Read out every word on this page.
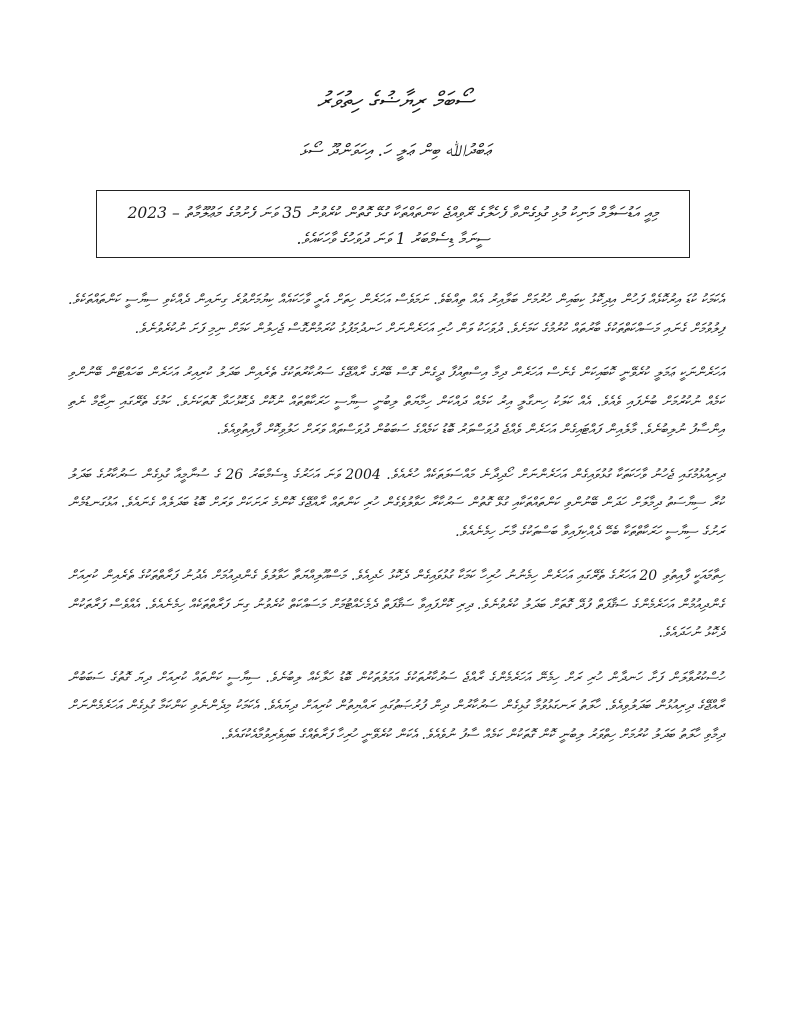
ސޯބަމް ރިޔާޟުގެ ހިތުވަރު
ޢަބްދުﷲ ބިން ޢަލީ ހަ. އިހަވަންދޫ ސޯޅަ
މިއީ އަޑުސަލާމް މަނިކު މުޅި ގުޅިގެންވާ ފެހެލާގެ ރޭވިއްޖެ ކަންތައްތަކާ ގުޅޭ ގޮތުން ކުރެވުނު 35 ވަނަ ފެށުމުގެ މަޢުލޫމާތު – 2023 ސީނަމާ ޑިސެމްބަރު 1 ވަނަ ދުވަހުގެ ވާހަކައެވެ.

އެކަމަކު ކުޑަ އިރުކޮޅެއް ފަހުން އިދިކޮޅު ކިބައިން ހުރުމަށް ބަލާއިރު އެއް ތިއްބެވެ. ނަމަވެސް އަހަރެން ހިތަށް އެރީ ވާހަކައެއް ކިޔުމަށްވުރެ ގިނައިން ދެއްކެވި ސިޔާސީ ކަންތައްތަކެވެ. ފިލުވުމަށް ގެނައި މަސައްކަތްތަކުގެ ބާރުތައް ކުރުމުގެ ކަމަށެވެ. ދުވަހަކު ވަން ހުރި އަހަރެންނަށް ހަނދުމަފުޅު ކުރަމުންގޮސް ޖެހިލުން ކަމަށް ނިމި ފަށަ ނުކުރެވުނެވެ.

އަހަރެންނަކީ ޢަމަލީ ކުރެވޭނީ ކޮބައިކަން ގެނެސް އަހަރެން ދިމާ އިސްތިއުފާ ދީގެން ގޮސް ބޭރުގެ ރާއްޖޭގެ ސަރުކާރުތަކުގެ ތެރެއިން ބަދަލު ކުރިއިރު އަހަރެން ބަހައްޓަން ބޭނުންވި ކަމެއް ނުކުރުމަށް ބުނެފައި ވެއެވެ. އެއް ކަލަކު ހިނގާލީ އިރު ކަމެއް ދައްކަން ހިމާޔަތް ލިބުނީ ސިޔާސީ ހަރަކާތްތައް ނުކޮށް ދެކޮޅުހަދާ ގޮތަކަށެވެ. ކަމުގެ ތެރޭގައި ނިޒާމް ނެތި އިންސާފު ނުލިބުނެވެ. މާލެއިން ފައްޓައިގެން އަހަރެން ވެއްޖެ ދުވަސްވަރު ބޮޑު ކަމެއްގެ ސަބަބުން ދުވަސްތައް ވަރަށް ހަލުވިކޮށް ފާއިތުވިއެވެ.

ދިރިއުޅުމުގައި ޖެހުނު ވާހަކަތަކާ ގުޅުވައިގެން އަހަރެންނަށް ހޯދިދާނެ މައްސަލަތަކެއް ހުރެއެވެ. 2004 ވަނަ އަހަރުގެ ޑިސެމްބަރު 26 ގެ ސުނާމީއާ ގުޅިގެން ސަރުކާރުގެ ބަދަލު ކުރާ ސިޔާސަތު ދިމާލަށް ހަދަން ބޭނުންވި ކަންތައްތަކާއި ގުޅޭ ގޮތުން ސަރުކާރާ ހަވާލުވެގެން ހުރި ކަންތައް ރާއްޖޭގެ ކޮންމެ ރަށަކަށް ވަރަށް ބޮޑު ބަދަލެއް ގެނައެވެ. އަޅުގަނޑުމެން ރަށުގެ ސިޔާސީ ހަރަކާތްތަކާ ބެހޭ ދެއްކިފައިވާ ބަސްތަކުގެ މާނަ ހިމެނެއެވެ.

ހިތާމައަކީ ފާއިތުވި 20 އަހަރުގެ ތެރޭގައި އަހަރެން ހިމެނުނު ހުރިހާ ކަމަކާ ގުޅުވައިގެން ދެކޮޅު ހެދިއެވެ. މަސްއޫލިއްޔަތާ ހަވާލުވެ ގެންދިއުމަށް އެދުނު ފަރާތްތަކުގެ ތެރެއިން ކުރިއަށް ގެންދިއުމުން އަހަރެމެންގެ ސަޤާފަތް ފުދޭ ގޮތަށް ބަދަލު ކުރެވުނެވެ. ދިރި ކޮށްފައިވާ ސަޤާފަތް ދެމެހެއްޓުމަށް މަސައްކަތް ކުރެވުނު ގިނަ ފަރާތްތަކެއް ހިމެނެއެވެ. އެއްވެސް ފަރާތަކުން ދެކޮޅު ނުހަދައެވެ.

ހުސްކުރުވާލަން ފަށާ ހަނދާން ހުރި ރަށް ހިމެނޭ އަހަރެމެންގެ ރާއްޖެ ސަރުކާރުތަކުގެ އަމަލުތަކުން ބޮޑު ހަލާކެއް ލިބުނެވެ. ސިޔާސީ ކަންތައް ކުރިއަށް ދިޔަ ގޮތުގެ ސަބަބުން ރާއްޖޭގެ ދިރިއުޅުން ބަދަލުވިއެވެ. ހާލަތު ރަނގަޅުވުމާ ގުޅިގެން ސަރުކާރުން ދިން ފުރުޞަތުގައި ރައްޔިތުން ކުރިއަށް ދިޔައެވެ. އެކަމަކު މިދެންނެވި ކަންކަމާ ގުޅިގެން އަހަރެމެންނަށް ދިމާވި ހާލަތު ބަދަލު ކުރުމަށް ހިތްވަރު ލިބުނީ ކޮން ގޮތަކުން ކަމެއް ސާފު ނުވެއެވެ. އެކަން ކުރެވޭނީ ހުރިހާ ފަރާތެއްގެ ބައިވެރިވުމާއެކުގައެވެ.
